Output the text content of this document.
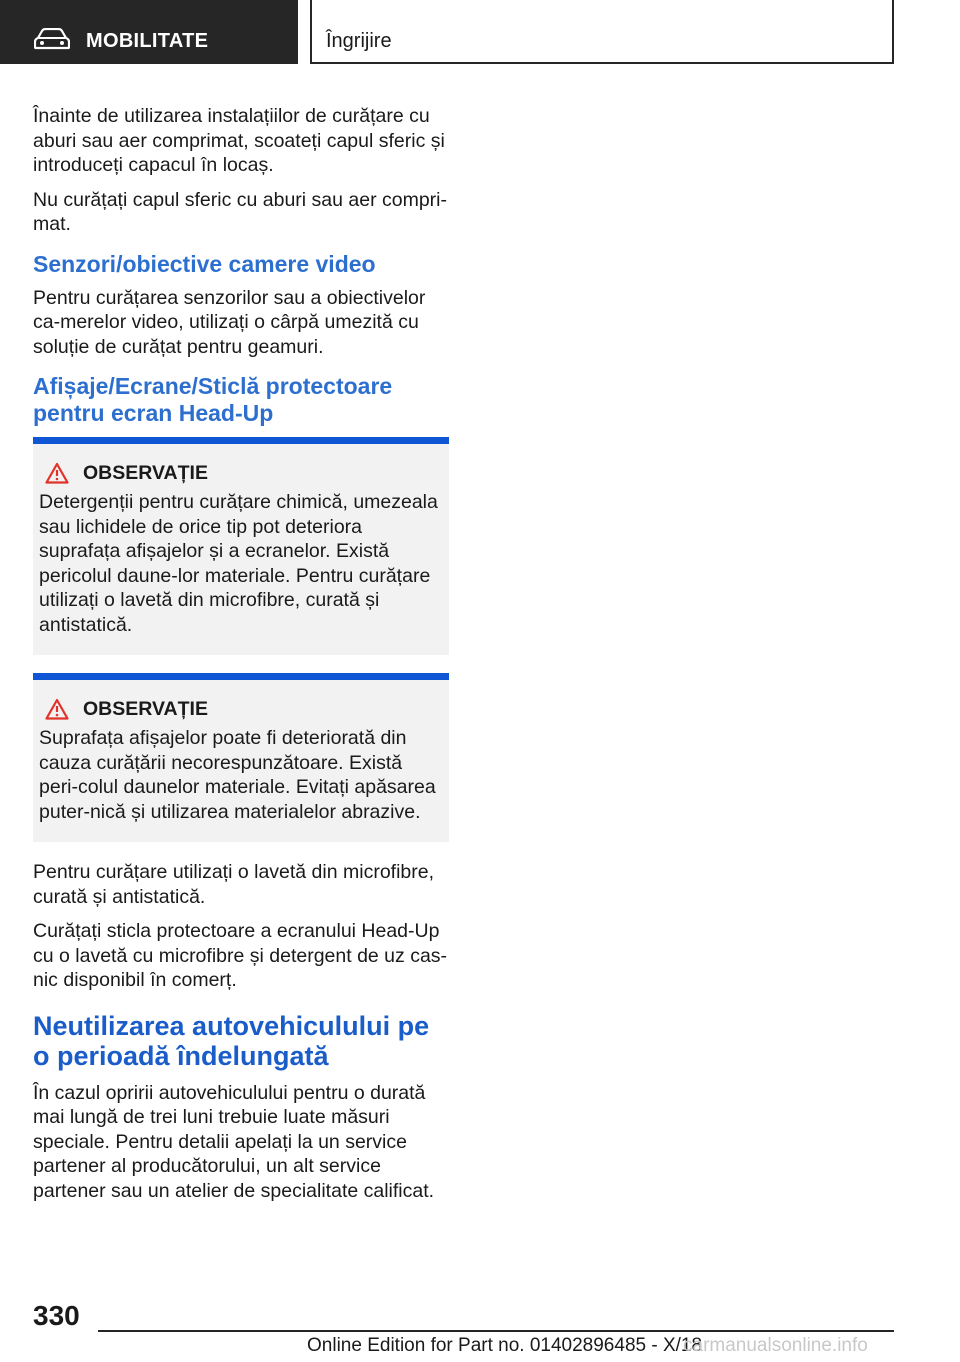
MOBILITATE	Îngrijire

Înainte de utilizarea instalațiilor de curățare cu aburi sau aer comprimat, scoateți capul sferic și introduceți capacul în locaș.

Nu curățați capul sferic cu aburi sau aer compri-mat.

Senzori/obiective camere video

Pentru curățarea senzorilor sau a obiectivelor ca-merelor video, utilizați o cârpă umezită cu soluție de curățat pentru geamuri.

Afișaje/Ecrane/Sticlă protectoare pentru ecran Head-Up
OBSERVAȚIE
Detergenții pentru curățare chimică, umezeala sau lichidele de orice tip pot deteriora suprafața afișajelor și a ecranelor. Există pericolul daune-lor materiale. Pentru curățare utilizați o lavetă din microfibre, curată și antistatică.
OBSERVAȚIE
Suprafața afișajelor poate fi deteriorată din cauza curățării necorespunzătoare. Există peri-colul daunelor materiale. Evitați apăsarea puter-nică și utilizarea materialelor abrazive.

Pentru curățare utilizați o lavetă din microfibre, curată și antistatică.

Curățați sticla protectoare a ecranului Head-Up cu o lavetă cu microfibre și detergent de uz cas-nic disponibil în comerț.

Neutilizarea autovehiculului pe o perioadă îndelungată

În cazul opririi autovehiculului pentru o durată mai lungă de trei luni trebuie luate măsuri speciale. Pentru detalii apelați la un service partener al producătorului, un alt service partener sau un atelier de specialitate calificat.

330
Online Edition for Part no. 01402896485 - X/18
carmanualsonline.info
